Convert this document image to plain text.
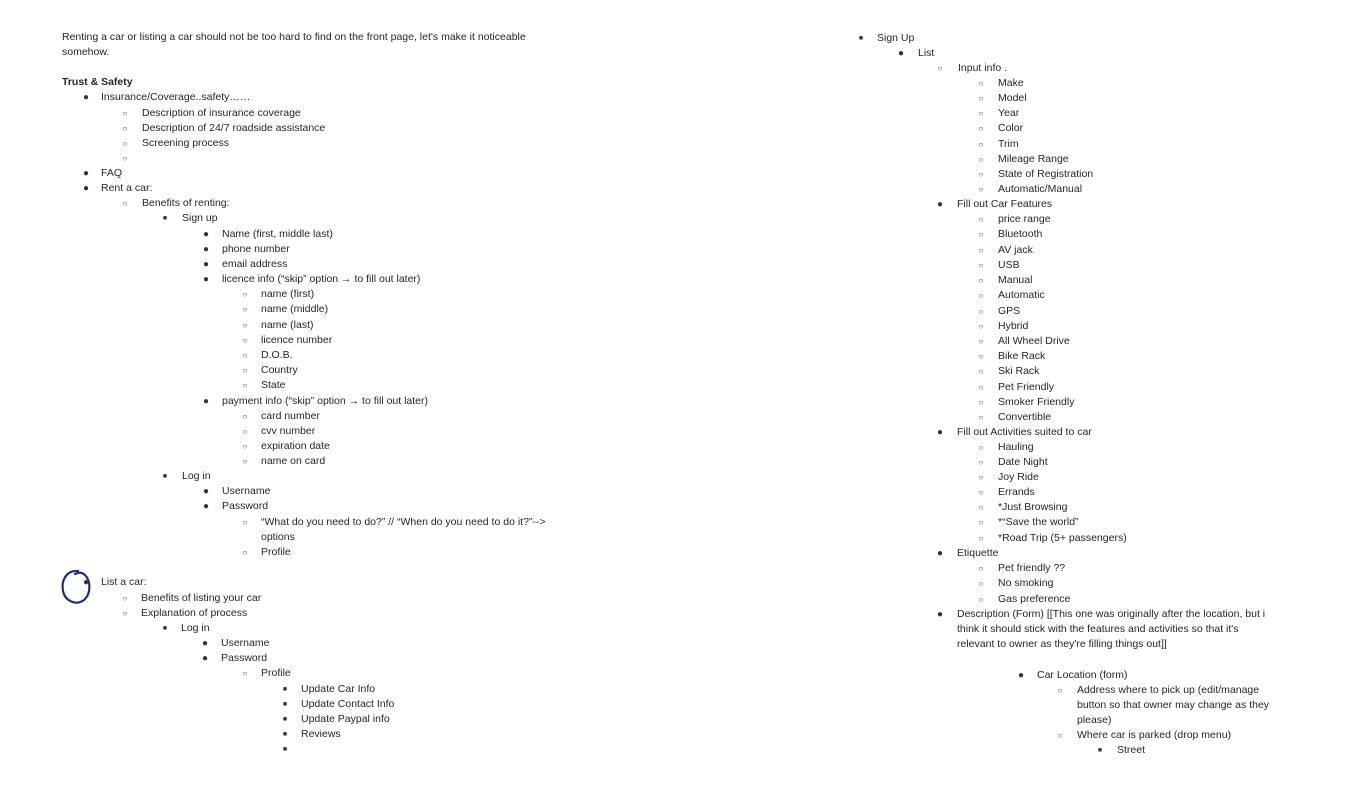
Renting a car or listing a car should not be too hard to find on the front page, let's make it noticeable
somehow.
Trust & Safety
● Insurance/Coverage..safety……
○	Description of insurance coverage
○	Description of 24/7 roadside assistance
○	Screening process
○
● FAQ
● Rent a car:
○	Benefits of renting:
■	Sign up
● Name (first, middle last)
● phone number
● email address
● licence info (“skip” option → to fill out later)
○	name (first)
○	name (middle)
○	name (last)
○	licence number
○	D.O.B.
○	Country
○	State
● payment info (“skip” option → to fill out later)
○	card number
○	cvv number
○	expiration date
○	name on card
■	Log in
● Username
● Password
○	“What do you need to do?” // “When do you need to do it?”-->
options
○	Profile
● List a car:
○	Benefits of listing your car
○	Explanation of process
■	Log in
● Username
● Password
○	Profile
■	Update Car Info
■	Update Contact Info
■	Update Paypal info
■	Reviews
■
■	Sign Up
● List
○	Input info .
○	Make
○	Model
○	Year
○	Color
○	Trim
○	Mileage Range
○	State of Registration
○	Automatic/Manual
● Fill out Car Features
○	price range
○	Bluetooth
○	AV jack
○	USB
○	Manual
○	Automatic
○	GPS
○	Hybrid
○	All Wheel Drive
○	Bike Rack
○	Ski Rack
○	Pet Friendly
○	Smoker Friendly
○	Convertible
● Fill out Activities suited to car
○	Hauling
○	Date Night
○	Joy Ride
○	Errands
○	*Just Browsing
○	*“Save the world”
○	*Road Trip (5+ passengers)
● Etiquette
○	Pet friendly ??
○	No smoking
○	Gas preference
● Description (Form) [[This one was originally after the location, but i
think it should stick with the features and activities so that it's
relevant to owner as they're filling things out]]
● Car Location (form)
○	Address where to pick up (edit/manage
button so that owner may change as they
please)
○	Where car is parked (drop menu)
■	Street
